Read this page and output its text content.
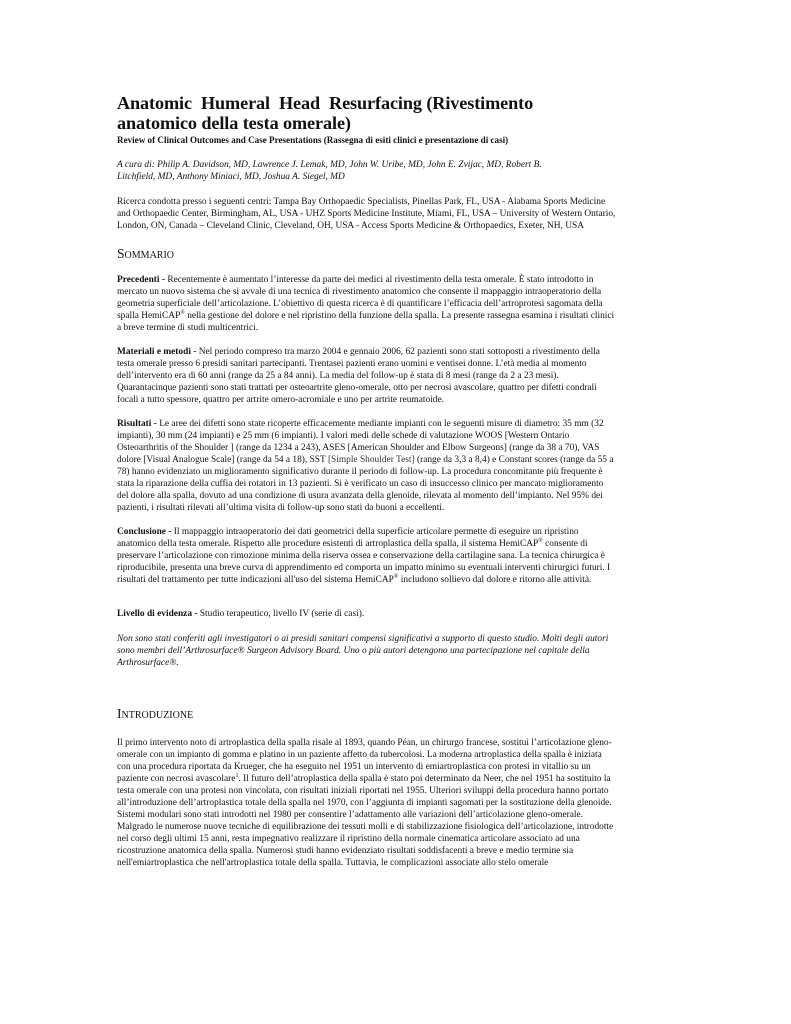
Anatomic Humeral Head Resurfacing (Rivestimento
anatomico della testa omerale)
Review of Clinical Outcomes and Case Presentations (Rassegna di esiti clinici e presentazione di casi)
A cura di: Philip A. Davidson, MD, Lawrence J. Lemak, MD, John W. Uribe, MD, John E. Zvijac, MD, Robert B.
Litchfield, MD, Anthony Miniaci, MD, Joshua A. Siegel, MD
Ricerca condotta presso i seguenti centri: Tampa Bay Orthopaedic Specialists, Pinellas Park, FL, USA - Alabama Sports Medicine and Orthopaedic Center, Birmingham, AL, USA - UHZ Sports Medicine Institute, Miami, FL, USA – University of Western Ontario, London, ON, Canada – Cleveland Clinic, Cleveland, OH, USA - Access Sports Medicine & Orthopaedics, Exeter, NH, USA
Sommario

Precedenti - Recentemente è aumentato l’interesse da parte dei medici al rivestimento della testa omerale. È stato introdotto in mercato un nuovo sistema che si avvale di una tecnica di rivestimento anatomico che consente il mappaggio intraoperatorio della geometria superficiale dell’articolazione. L’obiettivo di questa ricerca è di quantificare l’efficacia dell’artroprotesi sagomata della spalla HemiCAP® nella gestione del dolore e nel ripristino della funzione della spalla. La presente rassegna esamina i risultati clinici a breve termine di studi multicentrici.

Materiali e metodi - Nel periodo compreso tra marzo 2004 e gennaio 2006, 62 pazienti sono stati sottoposti a rivestimento della testa omerale presso 6 presidi sanitari partecipanti. Trentasei pazienti erano uomini e ventisei donne. L’età media al momento dell’intervento era di 60 anni (range da 25 a 84 anni). La media del follow-up è stata di 8 mesi (range da 2 a 23 mesi). Quarantacinque pazienti sono stati trattati per osteoartrite gleno-omerale, otto per necrosi avascolare, quattro per difetti condrali focali a tutto spessore, quattro per artrite omero-acromiale e uno per artrite reumatoide.

Risultati - Le aree dei difetti sono state ricoperte efficacemente mediante impianti con le seguenti misure di diametro: 35 mm (32 impianti), 30 mm (24 impianti) e 25 mm (6 impianti). I valori medi delle schede di valutazione WOOS [Western Ontario Osteoarthritis of the Shoulder ] (range da 1234 a 243), ASES [American Shoulder and Elbow Surgeons] (range da 38 a 70), VAS dolore [Visual Analogue Scale] (range da 54 a 18), SST [Simple Shoulder Test] (range da 3,3 a 8,4) e Constant scores (range da 55 a 78) hanno evidenziato un miglioramento significativo durante il periodo di follow-up. La procedura concomitante più frequente è stata la riparazione della cuffia dei rotatori in 13 pazienti. Si è verificato un caso di insuccesso clinico per mancato miglioramento del dolore alla spalla, dovuto ad una condizione di usura avanzata della glenoide, rilevata al momento dell’impianto. Nel 95% dei pazienti, i risultati rilevati all’ultima visita di follow-up sono stati da buoni a eccellenti.

Conclusione - Il mappaggio intraoperatorio dei dati geometrici della superficie articolare permette di eseguire un ripristino anatomico della testa omerale. Rispetto alle procedure esistenti di artroplastica della spalla, il sistema HemiCAP® consente di preservare l’articolazione con rimozione minima della riserva ossea e conservazione della cartilagine sana. La tecnica chirurgica è riproducibile, presenta una breve curva di apprendimento ed comporta un impatto minimo su eventuali interventi chirurgici futuri. I risultati del trattamento per tutte indicazioni all'uso del sistema HemiCAP® includono sollievo dal dolore e ritorno alle attività.

Livello di evidenza - Studio terapeutico, livello IV (serie di casi).

Non sono stati conferiti agli investigatori o ai presidi sanitari compensi significativi a supporto di questo studio. Molti degli autori sono membri dell’Arthrosurface® Surgeon Advisory Board. Uno o più autori detengono una partecipazione nel capitale della Arthrosurface®.

Introduzione

Il primo intervento noto di artroplastica della spalla risale al 1893, quando Péan, un chirurgo francese, sostituì l’articolazione gleno-omerale con un impianto di gomma e platino in un paziente affetto da tubercolosi. La moderna artroplastica della spalla è iniziata con una procedura riportata da Krueger, che ha eseguito nel 1951 un intervento di emiartroplastica con protesi in vitallio su un paziente con necrosi avascolare$^1$. Il futuro dell’atroplastica della spalla è stato poi determinato da Neer, che nel 1951 ha sostituito la testa omerale con una protesi non vincolata, con risultati iniziali riportati nel 1955. Ulteriori sviluppi della procedura hanno portato all’introduzione dell’artroplastica totale della spalla nel 1970, con l’aggiunta di impianti sagomati per la sostituzione della glenoide. Sistemi modulari sono stati introdotti nel 1980 per consentire l’adattamento alle variazioni dell’articolazione gleno-omerale. Malgrado le numerose nuove tecniche di equilibrazione dei tessuti molli e di stabilizzazione fisiologica dell’articolazione, introdotte nel corso degli ultimi 15 anni, resta impegnativo realizzare il ripristino della normale cinematica articolare associato ad una ricostruzione anatomica della spalla. Numerosi studi hanno evidenziato risultati soddisfacenti a breve e medio termine sia nell'emiartroplastica che nell'artroplastica totale della spalla. Tuttavia, le complicazioni associate allo stelo omerale
